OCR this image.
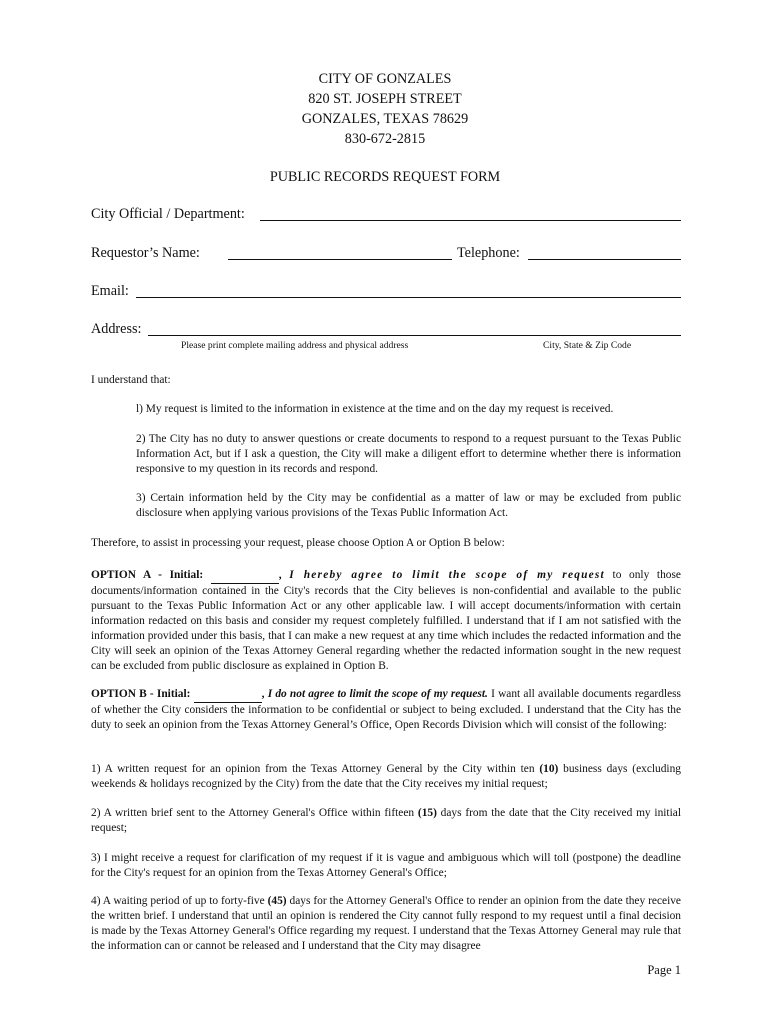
CITY OF GONZALES
820 ST. JOSEPH STREET
GONZALES, TEXAS 78629
830-672-2815
PUBLIC RECORDS REQUEST FORM
City Official / Department:
Requestor’s Name:	Telephone:
Email:
Address:
Please print complete mailing address and physical address	City, State & Zip Code
I understand that:
l) My request is limited to the information in existence at the time and on the day my request is received.
2) The City has no duty to answer questions or create documents to respond to a request pursuant to the Texas Public Information Act, but if I ask a question, the City will make a diligent effort to determine whether there is information responsive to my question in its records and respond.
3) Certain information held by the City may be confidential as a matter of law or may be excluded from public disclosure when applying various provisions of the Texas Public Information Act.
Therefore, to assist in processing your request, please choose Option A or Option B below:
OPTION A - Initial:	, I hereby agree to limit the scope of my request to only those documents/information contained in the City's records that the City believes is non-confidential and available to the public pursuant to the Texas Public Information Act or any other applicable law. I will accept documents/information with certain information redacted on this basis and consider my request completely fulfilled. I understand that if I am not satisfied with the information provided under this basis, that I can make a new request at any time which includes the redacted information and the City will seek an opinion of the Texas Attorney General regarding whether the redacted information sought in the new request can be excluded from public disclosure as explained in Option B.
OPTION B - Initial:	, I do not agree to limit the scope of my request. I want all available documents regardless of whether the City considers the information to be confidential or subject to being excluded. I understand that the City has the duty to seek an opinion from the Texas Attorney General’s Office, Open Records Division which will consist of the following:
1) A written request for an opinion from the Texas Attorney General by the City within ten (10) business days (excluding weekends & holidays recognized by the City) from the date that the City receives my initial request;
2) A written brief sent to the Attorney General's Office within fifteen (15) days from the date that the City received my initial request;
3) I might receive a request for clarification of my request if it is vague and ambiguous which will toll (postpone) the deadline for the City's request for an opinion from the Texas Attorney General's Office;
4) A waiting period of up to forty-five (45) days for the Attorney General's Office to render an opinion from the date they receive the written brief. I understand that until an opinion is rendered the City cannot fully respond to my request until a final decision is made by the Texas Attorney General's Office regarding my request. I understand that the Texas Attorney General may rule that the information can or cannot be released and I understand that the City may disagree
Page 1
